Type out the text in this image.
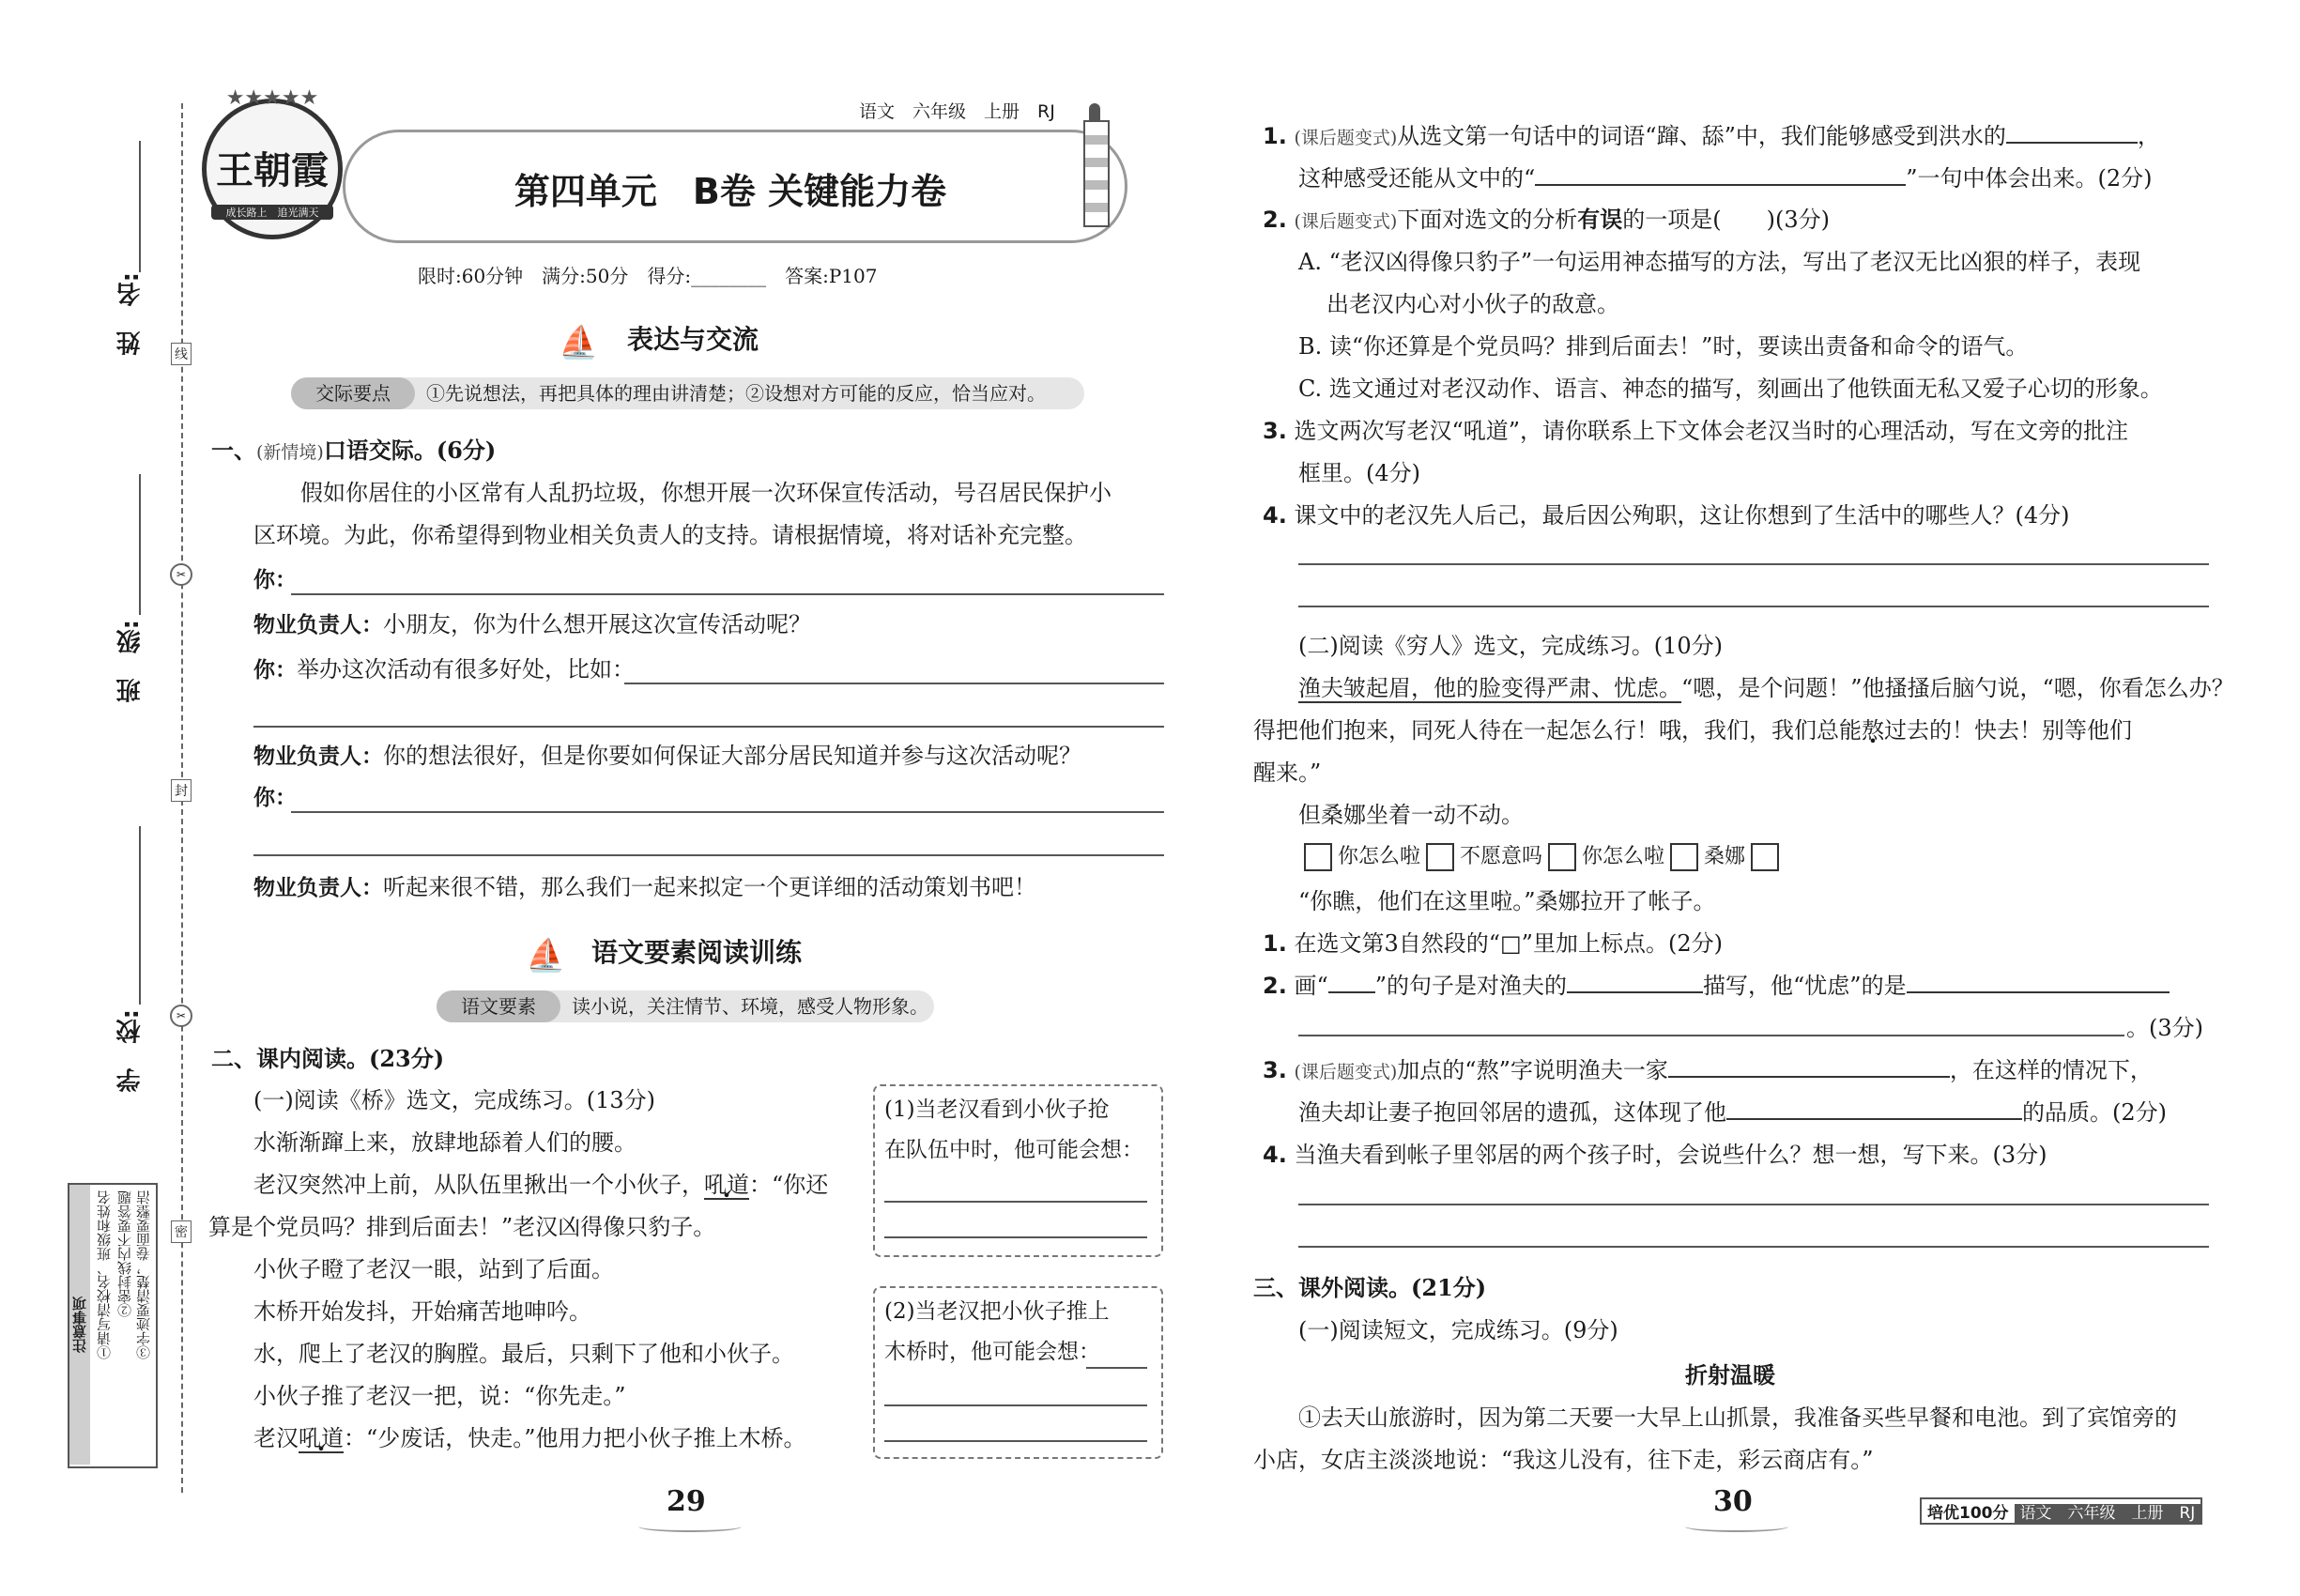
姓　名:
班　级:
学　校:
线
✂
封
✂
密
注意事项 ①请写清校名、班级和姓名 ②密封线内不要答题 ③字迹要清楚，卷面要整洁
★★★★★
王朝霞
成长路上　追光满天
语文　六年级　上册　RJ
第四单元　B卷 关键能力卷
限时:60分钟　满分:50分　得分:________　答案:P107
⛵ 表达与交流
交际要点 ①先说想法，再把具体的理由讲清楚；②设想对方可能的反应，恰当应对。
一、(新情境)口语交际。(6分)
假如你居住的小区常有人乱扔垃圾，你想开展一次环保宣传活动，号召居民保护小
区环境。为此，你希望得到物业相关负责人的支持。请根据情境，将对话补充完整。
你：
物业负责人：小朋友，你为什么想开展这次宣传活动呢？
你：举办这次活动有很多好处，比如：
物业负责人：你的想法很好，但是你要如何保证大部分居民知道并参与这次活动呢？
你：
物业负责人：听起来很不错，那么我们一起来拟定一个更详细的活动策划书吧！
⛵ 语文要素阅读训练
语文要素 读小说，关注情节、环境，感受人物形象。
二、课内阅读。(23分)
(一)阅读《桥》选文，完成练习。(13分)
水渐渐蹿上来，放肆地舔着人们的腰。
老汉突然冲上前，从队伍里揪出一个小伙子，吼道：“你还
算是个党员吗？排到后面去！”老汉凶得像只豹子。
小伙子瞪了老汉一眼，站到了后面。
木桥开始发抖，开始痛苦地呻吟。
水，爬上了老汉的胸膛。最后，只剩下了他和小伙子。
小伙子推了老汉一把，说：“你先走。”
老汉吼道：“少废话，快走。”他用力把小伙子推上木桥。
(1)当老汉看到小伙子抢
在队伍中时，他可能会想：
(2)当老汉把小伙子推上
木桥时，他可能会想：
29
1. (课后题变式)从选文第一句话中的词语“蹿、舔”中，我们能够感受到洪水的	，
这种感受还能从文中的“	”一句中体会出来。(2分)
2. (课后题变式)下面对选文的分析有误的一项是(　　)(3分)
A. “老汉凶得像只豹子”一句运用神态描写的方法，写出了老汉无比凶狠的样子，表现
出老汉内心对小伙子的敌意。
B. 读“你还算是个党员吗？排到后面去！”时，要读出责备和命令的语气。
C. 选文通过对老汉动作、语言、神态的描写，刻画出了他铁面无私又爱子心切的形象。
3. 选文两次写老汉“吼道”，请你联系上下文体会老汉当时的心理活动，写在文旁的批注
框里。(4分)
4. 课文中的老汉先人后己，最后因公殉职，这让你想到了生活中的哪些人？(4分)
(二)阅读《穷人》选文，完成练习。(10分)
渔夫皱起眉，他的脸变得严肃、忧虑。“嗯，是个问题！”他搔搔后脑勺说，“嗯，你看怎么办？
得把他们抱来，同死人待在一起怎么行！哦，我们，我们总能熬过去的！快去！别等他们
醒来。”
但桑娜坐着一动不动。
你怎么啦 不愿意吗 你怎么啦 桑娜
“你瞧，他们在这里啦。”桑娜拉开了帐子。
1. 在选文第3自然段的“□”里加上标点。(2分)
2. 画“ ”的句子是对渔夫的	描写，他“忧虑”的是
。(3分)
3. (课后题变式)加点的“熬”字说明渔夫一家	，在这样的情况下，
渔夫却让妻子抱回邻居的遗孤，这体现了他	的品质。(2分)
4. 当渔夫看到帐子里邻居的两个孩子时，会说些什么？想一想，写下来。(3分)
三、课外阅读。(21分)
(一)阅读短文，完成练习。(9分)
折射温暖
①去天山旅游时，因为第二天要一大早上山抓景，我准备买些早餐和电池。到了宾馆旁的
小店，女店主淡淡地说：“我这儿没有，往下走，彩云商店有。”
30	培优100分 语文　六年级　上册　RJ
